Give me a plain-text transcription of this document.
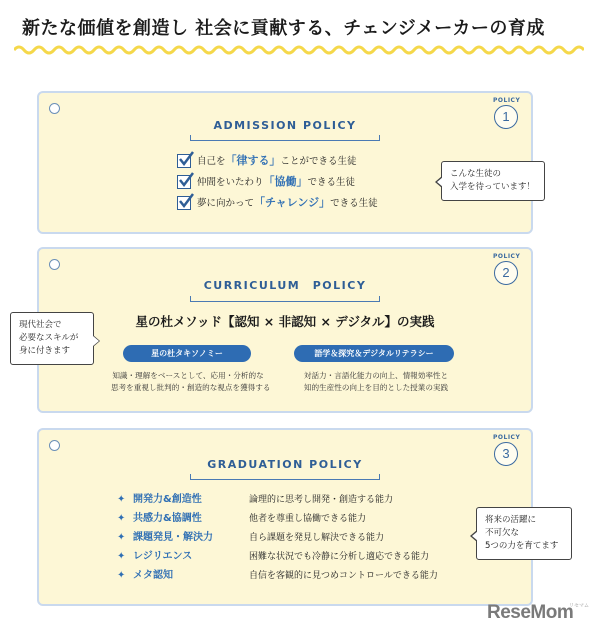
新たな価値を創造し 社会に貢献する、チェンジメーカーの育成
POLICY
1
ADMISSION POLICY
自己を「律する」ことができる生徒
仲間をいたわり「協働」できる生徒
夢に向かって「チャレンジ」できる生徒
POLICY
2
CURRICULUM　POLICY
星の杜メソッド【認知 × 非認知 × デジタル】の実践
星の杜タキソノミー	語学＆探究＆デジタルリテラシー
知識・理解をベースとして、応用・分析的な
思考を重視し批判的・創造的な視点を獲得する
対話力・言語化能力の向上、情報効率性と
知的生産性の向上を目的とした授業の実践
POLICY
3
GRADUATION POLICY
✦ 開発力&創造性	論理的に思考し開発・創造する能力
✦ 共感力&協調性	他者を尊重し協働できる能力
✦ 課題発見・解決力	自ら課題を発見し解決できる能力
✦ レジリエンス	困難な状況でも冷静に分析し適応できる能力
✦ メタ認知	自信を客観的に見つめコントロールできる能力
こんな生徒の
入学を待っています！
現代社会で
必要なスキルが
身に付きます
将来の活躍に
不可欠な
5つの力を育てます
ReseMom
リセマム
